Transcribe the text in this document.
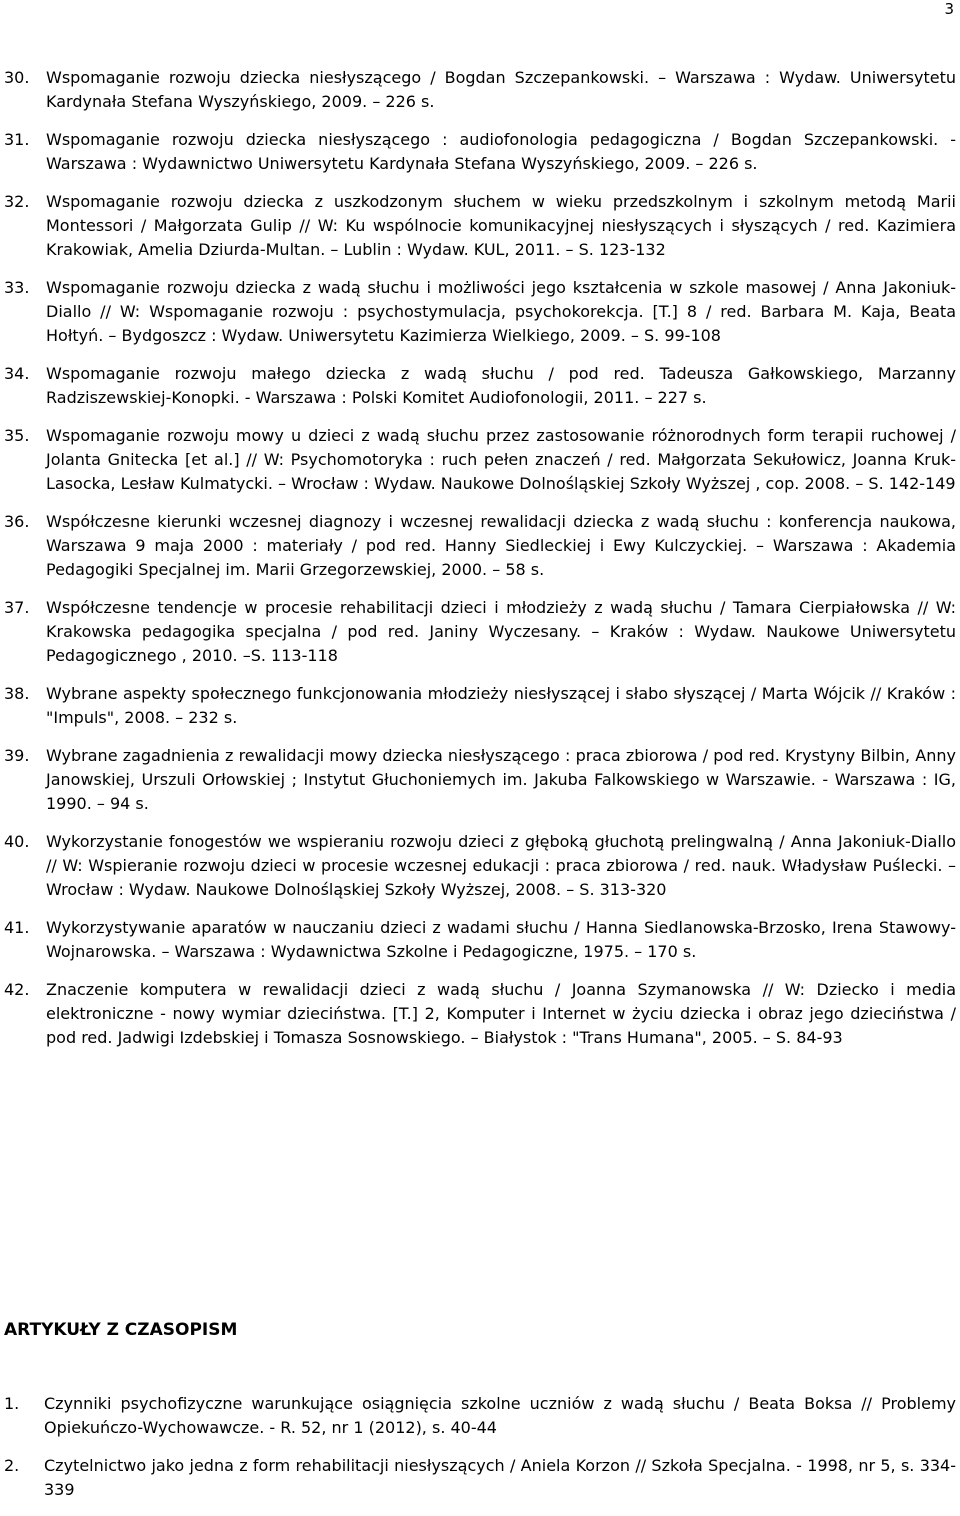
3
30.	Wspomaganie rozwoju dziecka niesłyszącego / Bogdan Szczepankowski. – Warszawa : Wydaw. Uniwersytetu Kardynała Stefana Wyszyńskiego, 2009. – 226 s.
31.	Wspomaganie rozwoju dziecka niesłyszącego : audiofonologia pedagogiczna / Bogdan Szczepankowski. - Warszawa : Wydawnictwo Uniwersytetu Kardynała Stefana Wyszyńskiego, 2009. – 226 s.
32.	Wspomaganie rozwoju dziecka z uszkodzonym słuchem w wieku przedszkolnym i szkolnym metodą Marii Montessori / Małgorzata Gulip // W: Ku wspólnocie komunikacyjnej niesłyszących i słyszących / red. Kazimiera Krakowiak, Amelia Dziurda-Multan. – Lublin : Wydaw. KUL, 2011. – S. 123-132
33.	Wspomaganie rozwoju dziecka z wadą słuchu i możliwości jego kształcenia w szkole masowej / Anna Jakoniuk-Diallo // W: Wspomaganie rozwoju : psychostymulacja, psychokorekcja. [T.] 8 / red. Barbara M. Kaja, Beata Hołtyń. – Bydgoszcz : Wydaw. Uniwersytetu Kazimierza Wielkiego, 2009. – S. 99-108
34.	Wspomaganie rozwoju małego dziecka z wadą słuchu / pod red. Tadeusza Gałkowskiego, Marzanny Radziszewskiej-Konopki. - Warszawa : Polski Komitet Audiofonologii, 2011. – 227 s.
35.	Wspomaganie rozwoju mowy u dzieci z wadą słuchu przez zastosowanie różnorodnych form terapii ruchowej / Jolanta Gnitecka [et al.] // W: Psychomotoryka : ruch pełen znaczeń / red. Małgorzata Sekułowicz, Joanna Kruk-Lasocka, Lesław Kulmatycki. – Wrocław : Wydaw. Naukowe Dolnośląskiej Szkoły Wyższej , cop. 2008. – S. 142-149
36.	Współczesne kierunki wczesnej diagnozy i wczesnej rewalidacji dziecka z wadą słuchu : konferencja naukowa, Warszawa 9 maja 2000 : materiały / pod red. Hanny Siedleckiej i Ewy Kulczyckiej. – Warszawa : Akademia Pedagogiki Specjalnej im. Marii Grzegorzewskiej, 2000. – 58 s.
37.	Współczesne tendencje w procesie rehabilitacji dzieci i młodzieży z wadą słuchu / Tamara Cierpiałowska // W: Krakowska pedagogika specjalna / pod red. Janiny Wyczesany. – Kraków : Wydaw. Naukowe Uniwersytetu Pedagogicznego , 2010. –S. 113-118
38.	Wybrane aspekty społecznego funkcjonowania młodzieży niesłyszącej i słabo słyszącej / Marta Wójcik // Kraków : "Impuls", 2008. – 232 s.
39.	Wybrane zagadnienia z rewalidacji mowy dziecka niesłyszącego : praca zbiorowa / pod red. Krystyny Bilbin, Anny Janowskiej, Urszuli Orłowskiej ; Instytut Głuchoniemych im. Jakuba Falkowskiego w Warszawie. - Warszawa : IG, 1990. – 94 s.
40.	Wykorzystanie fonogestów we wspieraniu rozwoju dzieci z głęboką głuchotą prelingwalną / Anna Jakoniuk-Diallo // W: Wspieranie rozwoju dzieci w procesie wczesnej edukacji : praca zbiorowa / red. nauk. Władysław Puślecki. – Wrocław : Wydaw. Naukowe Dolnośląskiej Szkoły Wyższej, 2008. – S. 313-320
41.	Wykorzystywanie aparatów w nauczaniu dzieci z wadami słuchu / Hanna Siedlanowska-Brzosko, Irena Stawowy-Wojnarowska. – Warszawa : Wydawnictwa Szkolne i Pedagogiczne, 1975. – 170 s.
42.	Znaczenie komputera w rewalidacji dzieci z wadą słuchu / Joanna Szymanowska // W: Dziecko i media elektroniczne - nowy wymiar dzieciństwa. [T.] 2, Komputer i Internet w życiu dziecka i obraz jego dzieciństwa / pod red. Jadwigi Izdebskiej i Tomasza Sosnowskiego. – Białystok : "Trans Humana", 2005. – S. 84-93
ARTYKUŁY Z CZASOPISM
1.	Czynniki psychofizyczne warunkujące osiągnięcia szkolne uczniów z wadą słuchu / Beata Boksa // Problemy Opiekuńczo-Wychowawcze. - R. 52, nr 1 (2012), s. 40-44
2.	Czytelnictwo jako jedna z form rehabilitacji niesłyszących / Aniela Korzon // Szkoła Specjalna. - 1998, nr 5, s. 334-339
